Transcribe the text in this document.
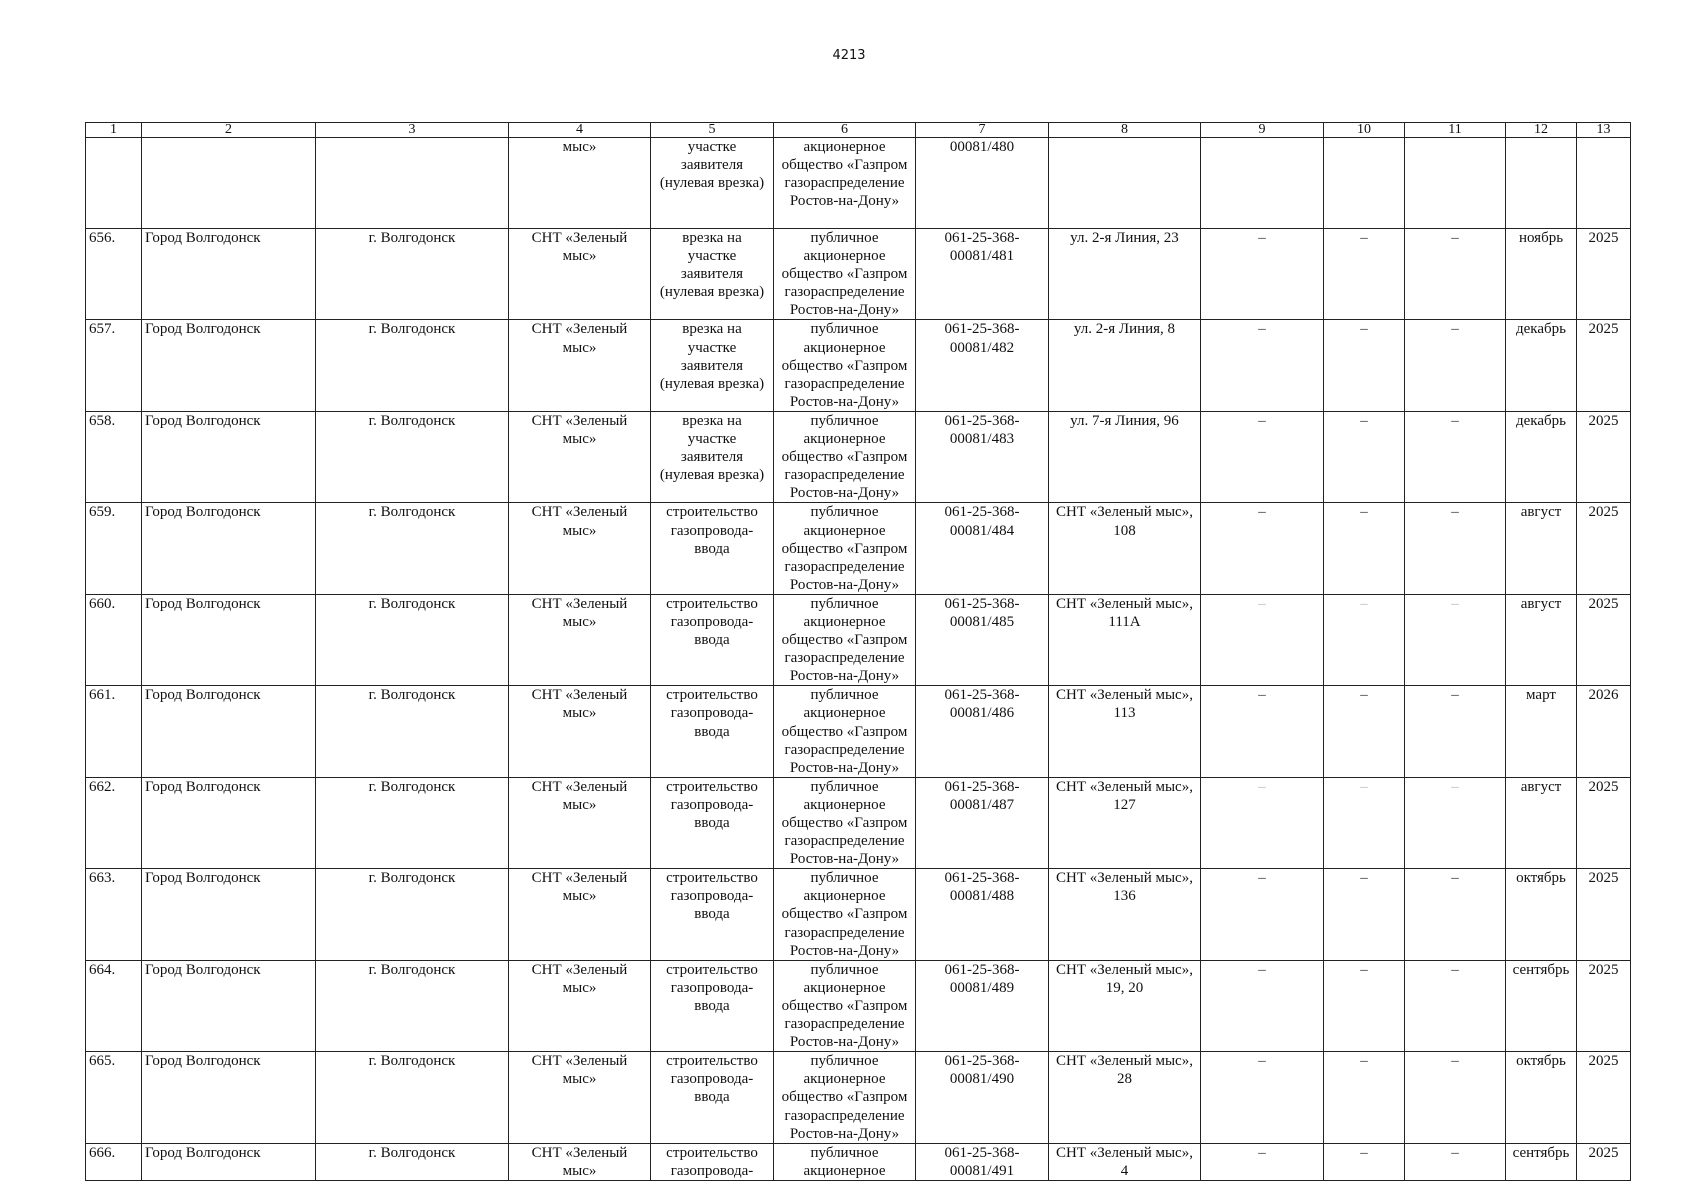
4213
1	2	3	4	5	6	7	8	9	10	11	12	13
			мыс»	участке
заявителя
(нулевая врезка)	акционерное
общество «Газпром
газораспределение
Ростов-на-Дону»	00081/480						
656.	Город Волгодонск	г. Волгодонск	СНТ «Зеленый
мыс»	врезка на
участке
заявителя
(нулевая врезка)	публичное
акционерное
общество «Газпром
газораспределение
Ростов-на-Дону»	061-25-368-
00081/481	ул. 2-я Линия, 23	–	–	–	ноябрь	2025
657.	Город Волгодонск	г. Волгодонск	СНТ «Зеленый
мыс»	врезка на
участке
заявителя
(нулевая врезка)	публичное
акционерное
общество «Газпром
газораспределение
Ростов-на-Дону»	061-25-368-
00081/482	ул. 2-я Линия, 8	–	–	–	декабрь	2025
658.	Город Волгодонск	г. Волгодонск	СНТ «Зеленый
мыс»	врезка на
участке
заявителя
(нулевая врезка)	публичное
акционерное
общество «Газпром
газораспределение
Ростов-на-Дону»	061-25-368-
00081/483	ул. 7-я Линия, 96	–	–	–	декабрь	2025
659.	Город Волгодонск	г. Волгодонск	СНТ «Зеленый
мыс»	строительство
газопровода-
ввода	публичное
акционерное
общество «Газпром
газораспределение
Ростов-на-Дону»	061-25-368-
00081/484	СНТ «Зеленый мыс»,
108	–	–	–	август	2025
660.	Город Волгодонск	г. Волгодонск	СНТ «Зеленый
мыс»	строительство
газопровода-
ввода	публичное
акционерное
общество «Газпром
газораспределение
Ростов-на-Дону»	061-25-368-
00081/485	СНТ «Зеленый мыс»,
111А	–	–	–	август	2025
661.	Город Волгодонск	г. Волгодонск	СНТ «Зеленый
мыс»	строительство
газопровода-
ввода	публичное
акционерное
общество «Газпром
газораспределение
Ростов-на-Дону»	061-25-368-
00081/486	СНТ «Зеленый мыс»,
113	–	–	–	март	2026
662.	Город Волгодонск	г. Волгодонск	СНТ «Зеленый
мыс»	строительство
газопровода-
ввода	публичное
акционерное
общество «Газпром
газораспределение
Ростов-на-Дону»	061-25-368-
00081/487	СНТ «Зеленый мыс»,
127	–	–	–	август	2025
663.	Город Волгодонск	г. Волгодонск	СНТ «Зеленый
мыс»	строительство
газопровода-
ввода	публичное
акционерное
общество «Газпром
газораспределение
Ростов-на-Дону»	061-25-368-
00081/488	СНТ «Зеленый мыс»,
136	–	–	–	октябрь	2025
664.	Город Волгодонск	г. Волгодонск	СНТ «Зеленый
мыс»	строительство
газопровода-
ввода	публичное
акционерное
общество «Газпром
газораспределение
Ростов-на-Дону»	061-25-368-
00081/489	СНТ «Зеленый мыс»,
19, 20	–	–	–	сентябрь	2025
665.	Город Волгодонск	г. Волгодонск	СНТ «Зеленый
мыс»	строительство
газопровода-
ввода	публичное
акционерное
общество «Газпром
газораспределение
Ростов-на-Дону»	061-25-368-
00081/490	СНТ «Зеленый мыс»,
28	–	–	–	октябрь	2025
666.	Город Волгодонск	г. Волгодонск	СНТ «Зеленый
мыс»	строительство
газопровода-	публичное
акционерное	061-25-368-
00081/491	СНТ «Зеленый мыс»,
4	–	–	–	сентябрь	2025
